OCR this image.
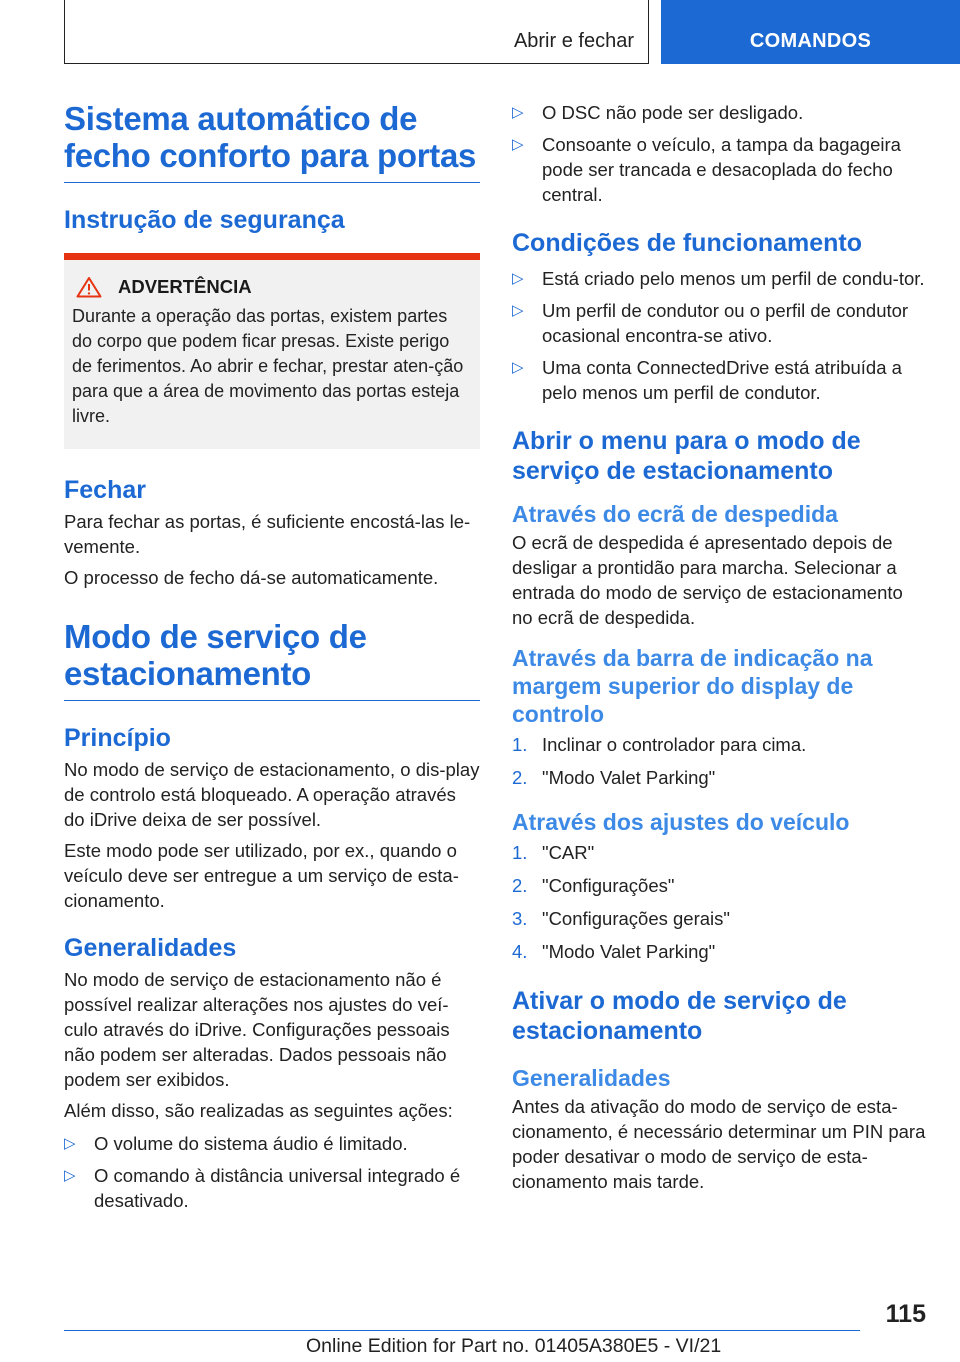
Abrir e fechar	COMANDOS
Sistema automático de fecho conforto para portas
Instrução de segurança
ADVERTÊNCIA

Durante a operação das portas, existem partes do corpo que podem ficar presas. Existe perigo de ferimentos. Ao abrir e fechar, prestar aten‐ção para que a área de movimento das portas esteja livre.

Fechar

Para fechar as portas, é suficiente encostá-las le‐vemente.

O processo de fecho dá-se automaticamente.

Modo de serviço de estacionamento
Princípio

No modo de serviço de estacionamento, o dis‐play de controlo está bloqueado. A operação através do iDrive deixa de ser possível.

Este modo pode ser utilizado, por ex., quando o veículo deve ser entregue a um serviço de esta‐cionamento.

Generalidades

No modo de serviço de estacionamento não é possível realizar alterações nos ajustes do veí‐culo através do iDrive. Configurações pessoais não podem ser alteradas. Dados pessoais não podem ser exibidos.

Além disso, são realizadas as seguintes ações:

▷ O volume do sistema áudio é limitado.
▷ O comando à distância universal integrado é desativado.
▷ O DSC não pode ser desligado.
▷ Consoante o veículo, a tampa da bagageira pode ser trancada e desacoplada do fecho central.
Condições de funcionamento
▷ Está criado pelo menos um perfil de condu‐tor.
▷ Um perfil de condutor ou o perfil de condutor ocasional encontra-se ativo.
▷ Uma conta ConnectedDrive está atribuída a pelo menos um perfil de condutor.
Abrir o menu para o modo de serviço de estacionamento
Através do ecrã de despedida

O ecrã de despedida é apresentado depois de desligar a prontidão para marcha. Selecionar a entrada do modo de serviço de estacionamento no ecrã de despedida.

Através da barra de indicação na margem superior do display de controlo
1. Inclinar o controlador para cima.
2. "Modo Valet Parking"
Através dos ajustes do veículo
1. "CAR"
2. "Configurações"
3. "Configurações gerais"
4. "Modo Valet Parking"
Ativar o modo de serviço de estacionamento
Generalidades

Antes da ativação do modo de serviço de esta‐cionamento, é necessário determinar um PIN para poder desativar o modo de serviço de esta‐cionamento mais tarde.

115
Online Edition for Part no. 01405A380E5 - VI/21
